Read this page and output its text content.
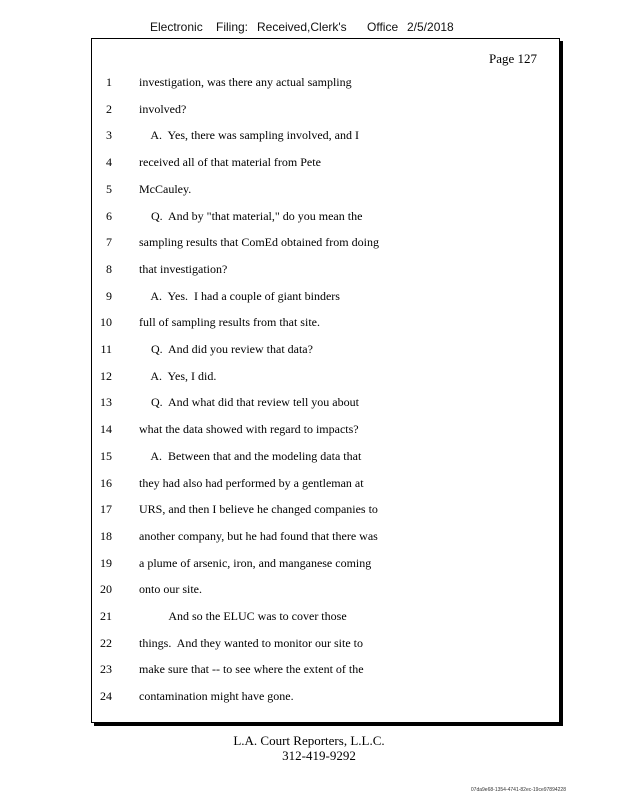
Electronic Filing: Received,Clerk's Office 2/5/2018
Page 127
1 investigation, was there any actual sampling
2 involved?
3 A.  Yes, there was sampling involved, and I
4 received all of that material from Pete
5 McCauley.
6 Q.  And by "that material," do you mean the
7 sampling results that ComEd obtained from doing
8 that investigation?
9 A.  Yes.  I had a couple of giant binders
10 full of sampling results from that site.
11 Q.  And did you review that data?
12 A.  Yes, I did.
13 Q.  And what did that review tell you about
14 what the data showed with regard to impacts?
15 A.  Between that and the modeling data that
16 they had also had performed by a gentleman at
17 URS, and then I believe he changed companies to
18 another company, but he had found that there was
19 a plume of arsenic, iron, and manganese coming
20 onto our site.
21 And so the ELUC was to cover those
22 things.  And they wanted to monitor our site to
23 make sure that -- to see where the extent of the
24 contamination might have gone.
L.A. Court Reporters, L.L.C.
312-419-9292
07da9e68-1354-4741-82ec-19ce97894228
